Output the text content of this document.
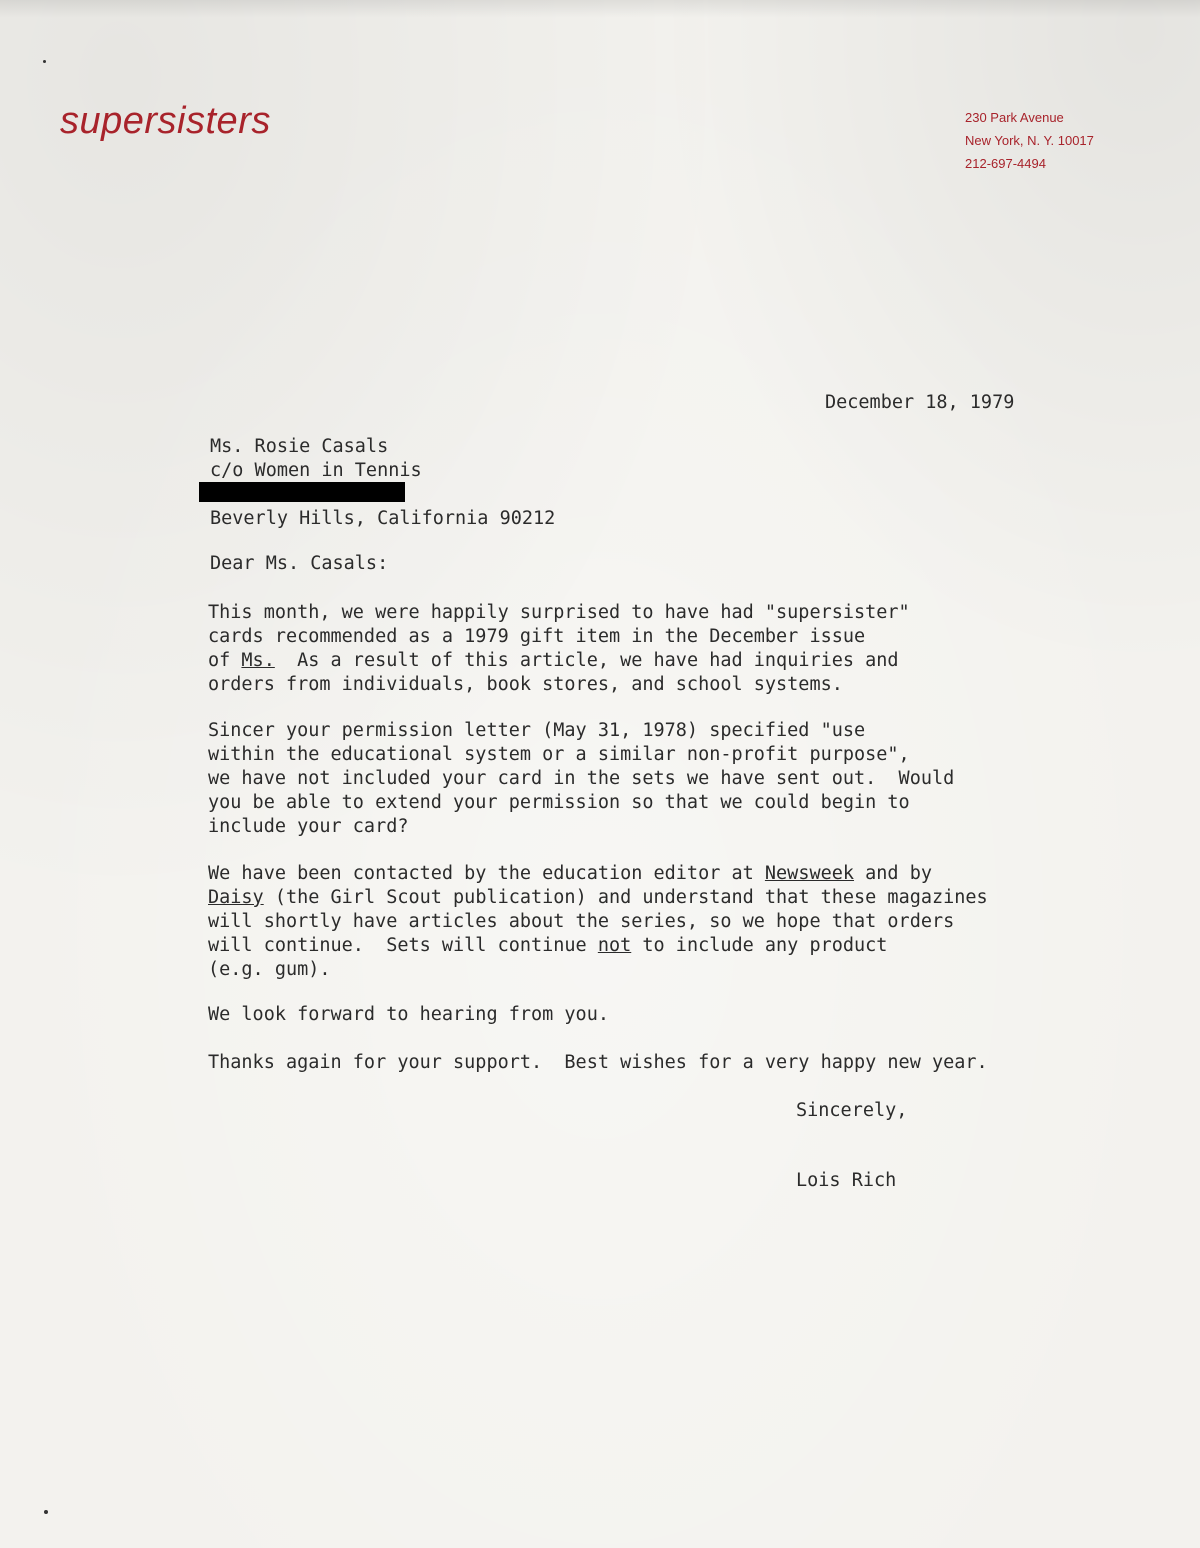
supersisters	230 Park Avenue
New York, N. Y. 10017
212-697-4494
December 18, 1979
Ms. Rosie Casals
c/o Women in Tennis
Beverly Hills, California 90212
Dear Ms. Casals:
This month, we were happily surprised to have had "supersister"
cards recommended as a 1979 gift item in the December issue
of Ms.  As a result of this article, we have had inquiries and
orders from individuals, book stores, and school systems.
Sincer your permission letter (May 31, 1978) specified "use
within the educational system or a similar non-profit purpose",
we have not included your card in the sets we have sent out.  Would
you be able to extend your permission so that we could begin to
include your card?
We have been contacted by the education editor at Newsweek and by
Daisy (the Girl Scout publication) and understand that these magazines
will shortly have articles about the series, so we hope that orders
will continue.  Sets will continue not to include any product
(e.g. gum).
We look forward to hearing from you.
Thanks again for your support.  Best wishes for a very happy new year.
Sincerely,
Lois Rich
